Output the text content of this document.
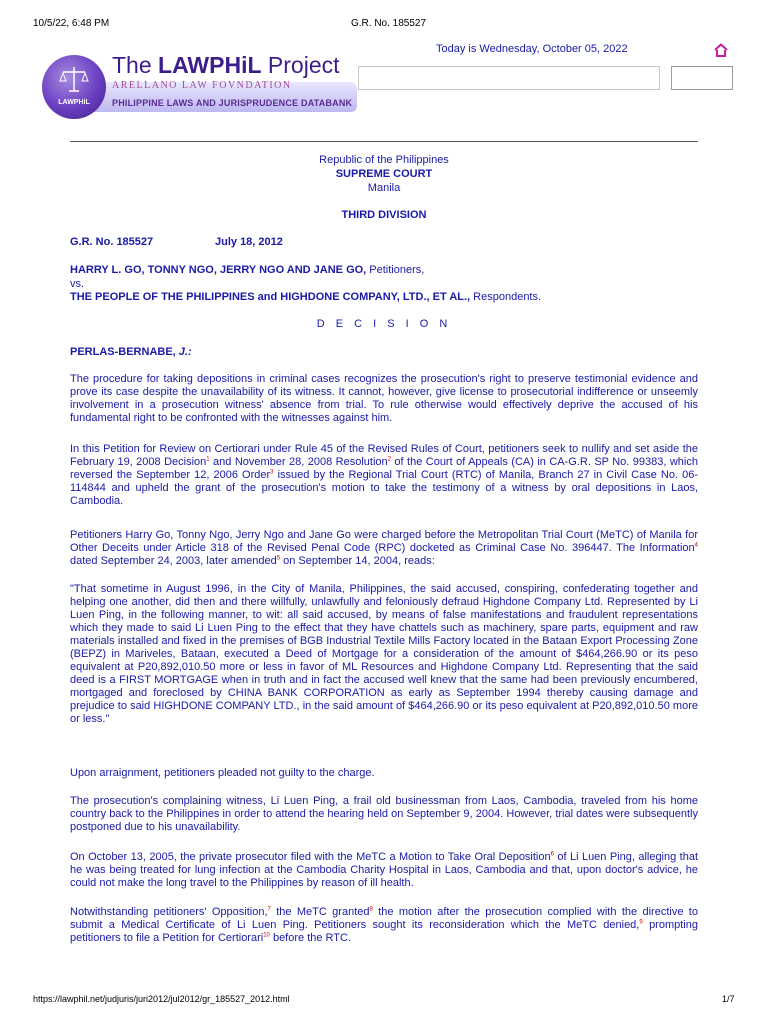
10/5/22, 6:48 PM	G.R. No. 185527
LAWPHiL
The LAWPHiL Project
ARELLANO LAW FOVNDATION
PHILIPPINE LAWS AND JURISPRUDENCE DATABANK
Today is Wednesday, October 05, 2022
Republic of the Philippines
SUPREME COURT
Manila
THIRD DIVISION
G.R. No. 185527	July 18, 2012
HARRY L. GO, TONNY NGO, JERRY NGO AND JANE GO, Petitioners,
vs.
THE PEOPLE OF THE PHILIPPINES and HIGHDONE COMPANY, LTD., ET AL., Respondents.
D E C I S I O N
PERLAS-BERNABE, J.:

The procedure for taking depositions in criminal cases recognizes the prosecution's right to preserve testimonial evidence and prove its case despite the unavailability of its witness. It cannot, however, give license to prosecutorial indifference or unseemly involvement in a prosecution witness' absence from trial. To rule otherwise would effectively deprive the accused of his fundamental right to be confronted with the witnesses against him.

In this Petition for Review on Certiorari under Rule 45 of the Revised Rules of Court, petitioners seek to nullify and set aside the February 19, 2008 Decision$^1$ and November 28, 2008 Resolution$^2$ of the Court of Appeals (CA) in CA-G.R. SP No. 99383, which reversed the September 12, 2006 Order$^3$ issued by the Regional Trial Court (RTC) of Manila, Branch 27 in Civil Case No. 06-114844 and upheld the grant of the prosecution's motion to take the testimony of a witness by oral depositions in Laos, Cambodia.

Petitioners Harry Go, Tonny Ngo, Jerry Ngo and Jane Go were charged before the Metropolitan Trial Court (MeTC) of Manila for Other Deceits under Article 318 of the Revised Penal Code (RPC) docketed as Criminal Case No. 396447. The Information$^4$ dated September 24, 2003, later amended$^5$ on September 14, 2004, reads:

"That sometime in August 1996, in the City of Manila, Philippines, the said accused, conspiring, confederating together and helping one another, did then and there willfully, unlawfully and feloniously defraud Highdone Company Ltd. Represented by Li Luen Ping, in the following manner, to wit: all said accused, by means of false manifestations and fraudulent representations which they made to said Li Luen Ping to the effect that they have chattels such as machinery, spare parts, equipment and raw materials installed and fixed in the premises of BGB Industrial Textile Mills Factory located in the Bataan Export Processing Zone (BEPZ) in Mariveles, Bataan, executed a Deed of Mortgage for a consideration of the amount of $464,266.90 or its peso equivalent at P20,892,010.50 more or less in favor of ML Resources and Highdone Company Ltd. Representing that the said deed is a FIRST MORTGAGE when in truth and in fact the accused well knew that the same had been previously encumbered, mortgaged and foreclosed by CHINA BANK CORPORATION as early as September 1994 thereby causing damage and prejudice to said HIGHDONE COMPANY LTD., in the said amount of $464,266.90 or its peso equivalent at P20,892,010.50 more or less."

Upon arraignment, petitioners pleaded not guilty to the charge.

The prosecution's complaining witness, Li Luen Ping, a frail old businessman from Laos, Cambodia, traveled from his home country back to the Philippines in order to attend the hearing held on September 9, 2004. However, trial dates were subsequently postponed due to his unavailability.

On October 13, 2005, the private prosecutor filed with the MeTC a Motion to Take Oral Deposition$^6$ of Li Luen Ping, alleging that he was being treated for lung infection at the Cambodia Charity Hospital in Laos, Cambodia and that, upon doctor's advice, he could not make the long travel to the Philippines by reason of ill health.

Notwithstanding petitioners' Opposition,$^7$ the MeTC granted$^8$ the motion after the prosecution complied with the directive to submit a Medical Certificate of Li Luen Ping. Petitioners sought its reconsideration which the MeTC denied,$^9$ prompting petitioners to file a Petition for Certiorari$^{10}$ before the RTC.

https://lawphil.net/judjuris/juri2012/jul2012/gr_185527_2012.html	1/7
